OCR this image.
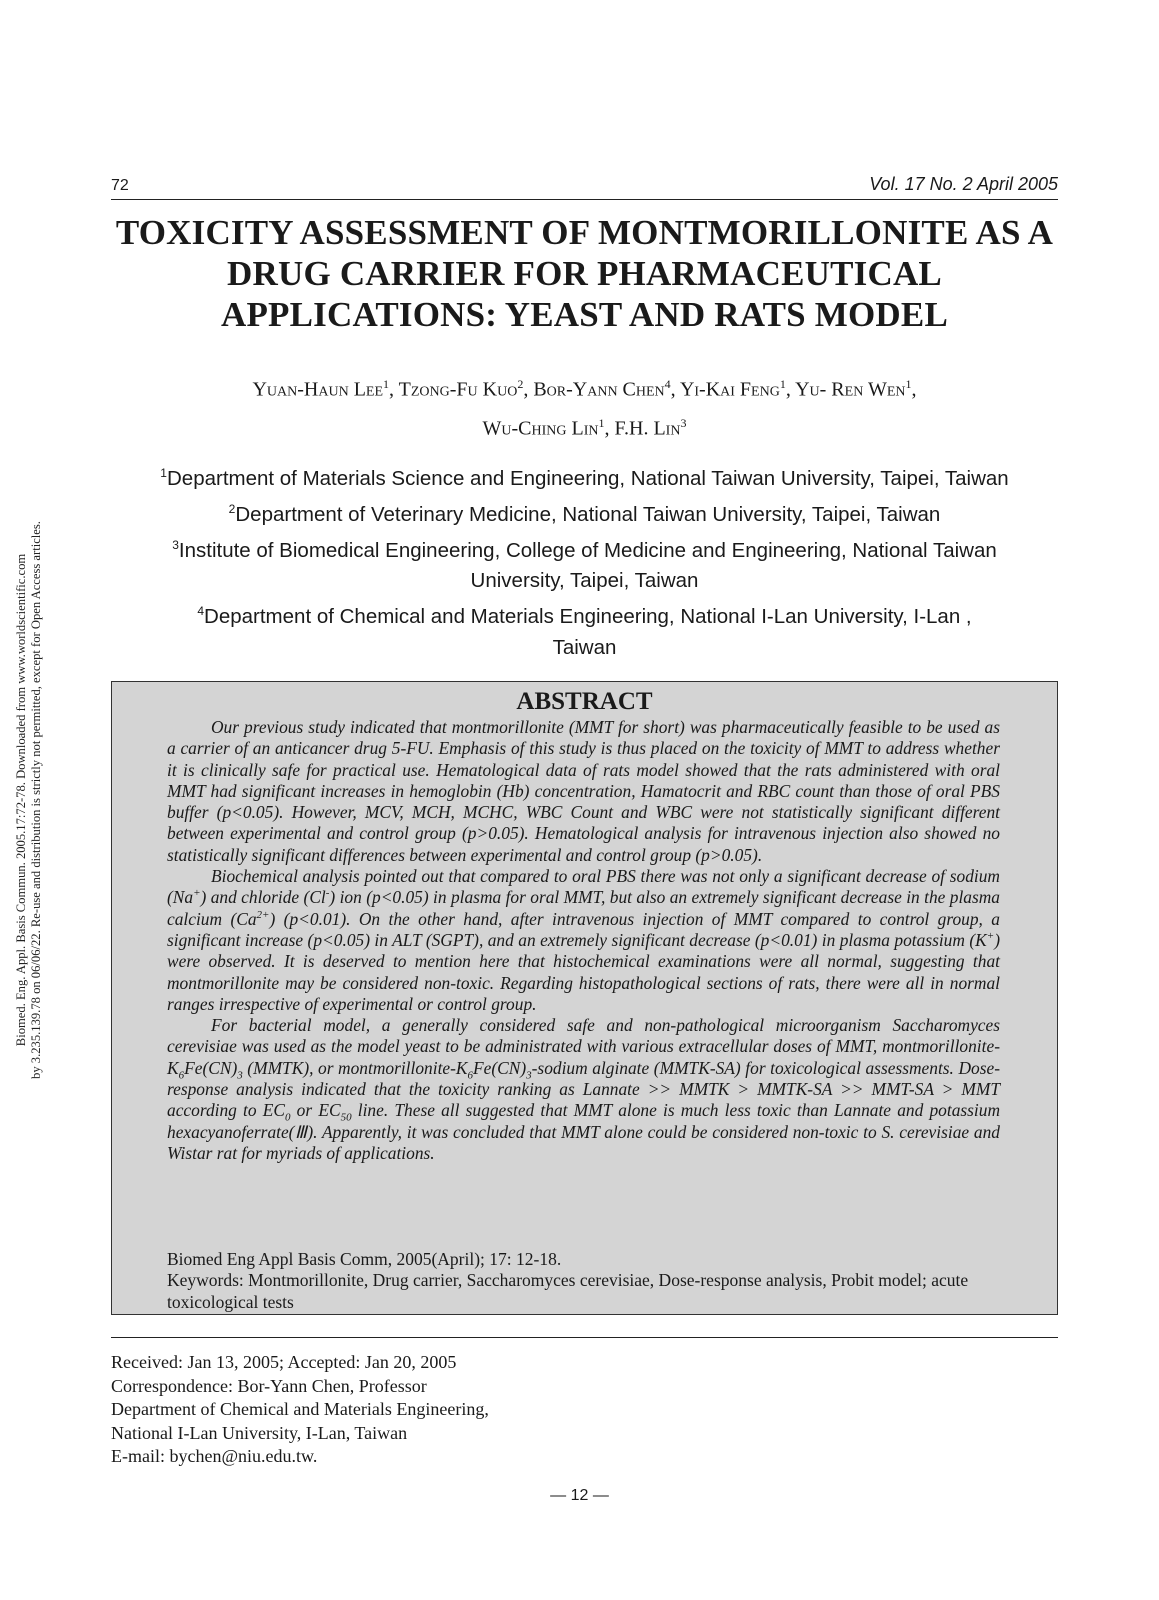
Biomed. Eng. Appl. Basis Commun. 2005.17:72-78. Downloaded from www.worldscientific.com by 3.235.139.78 on 06/06/22. Re-use and distribution is strictly not permitted, except for Open Access articles.
72	Vol. 17 No. 2 April 2005
TOXICITY ASSESSMENT OF MONTMORILLONITE AS A
DRUG CARRIER FOR PHARMACEUTICAL
APPLICATIONS: YEAST AND RATS MODEL
Yuan-Haun Lee$^1$, Tzong-Fu Kuo$^2$, Bor-Yann Chen$^4$, Yi-Kai Feng$^1$, Yu- Ren Wen$^1$,
Wu-Ching Lin$^1$, F.H. Lin$^3$
$^1$Department of Materials Science and Engineering, National Taiwan University, Taipei, Taiwan
$^2$Department of Veterinary Medicine, National Taiwan University, Taipei, Taiwan
$^3$Institute of Biomedical Engineering, College of Medicine and Engineering, National Taiwan University, Taipei, Taiwan
$^4$Department of Chemical and Materials Engineering, National I-Lan University, I-Lan , Taiwan
ABSTRACT

Our previous study indicated that montmorillonite (MMT for short) was pharmaceutically feasible to be used as a carrier of an anticancer drug 5-FU. Emphasis of this study is thus placed on the toxicity of MMT to address whether it is clinically safe for practical use. Hematological data of rats model showed that the rats administered with oral MMT had significant increases in hemoglobin (Hb) concentration, Hamatocrit and RBC count than those of oral PBS buffer (p<0.05). However, MCV, MCH, MCHC, WBC Count and WBC were not statistically significant different between experimental and control group (p>0.05). Hematological analysis for intravenous injection also showed no statistically significant differences between experimental and control group (p>0.05).

Biochemical analysis pointed out that compared to oral PBS there was not only a significant decrease of sodium (Na+) and chloride (Cl-) ion (p<0.05) in plasma for oral MMT, but also an extremely significant decrease in the plasma calcium $(Ca^{2+})$ (p<0.01). On the other hand, after intravenous injection of MMT compared to control group, a significant increase (p<0.05) in ALT (SGPT), and an extremely significant decrease (p<0.01) in plasma potassium (K+) were observed. It is deserved to mention here that histochemical examinations were all normal, suggesting that montmorillonite may be considered non-toxic. Regarding histopathological sections of rats, there were all in normal ranges irrespective of experimental or control group.

For bacterial model, a generally considered safe and non-pathological microorganism Saccharomyces cerevisiae was used as the model yeast to be administrated with various extracellular doses of MMT, montmorillonite-$K_6Fe(CN)_3$ (MMTK), or montmorillonite-$K_6Fe(CN)_3$-sodium alginate (MMTK-SA) for toxicological assessments. Dose-response analysis indicated that the toxicity ranking as Lannate >> MMTK > MMTK-SA >> MMT-SA > MMT according to $EC_0$ or $EC_{50}$ line. These all suggested that MMT alone is much less toxic than Lannate and potassium hexacyanoferrate(Ⅲ). Apparently, it was concluded that MMT alone could be considered non-toxic to S. cerevisiae and Wistar rat for myriads of applications.

Biomed Eng Appl Basis Comm, 2005(April); 17: 12-18.
Keywords: Montmorillonite, Drug carrier, Saccharomyces cerevisiae, Dose-response analysis, Probit model; acute toxicological tests
Received: Jan 13, 2005; Accepted: Jan 20, 2005
Correspondence: Bor-Yann Chen, Professor
Department of Chemical and Materials Engineering,
National I-Lan University, I-Lan, Taiwan
E-mail: bychen@niu.edu.tw.
— 12 —
